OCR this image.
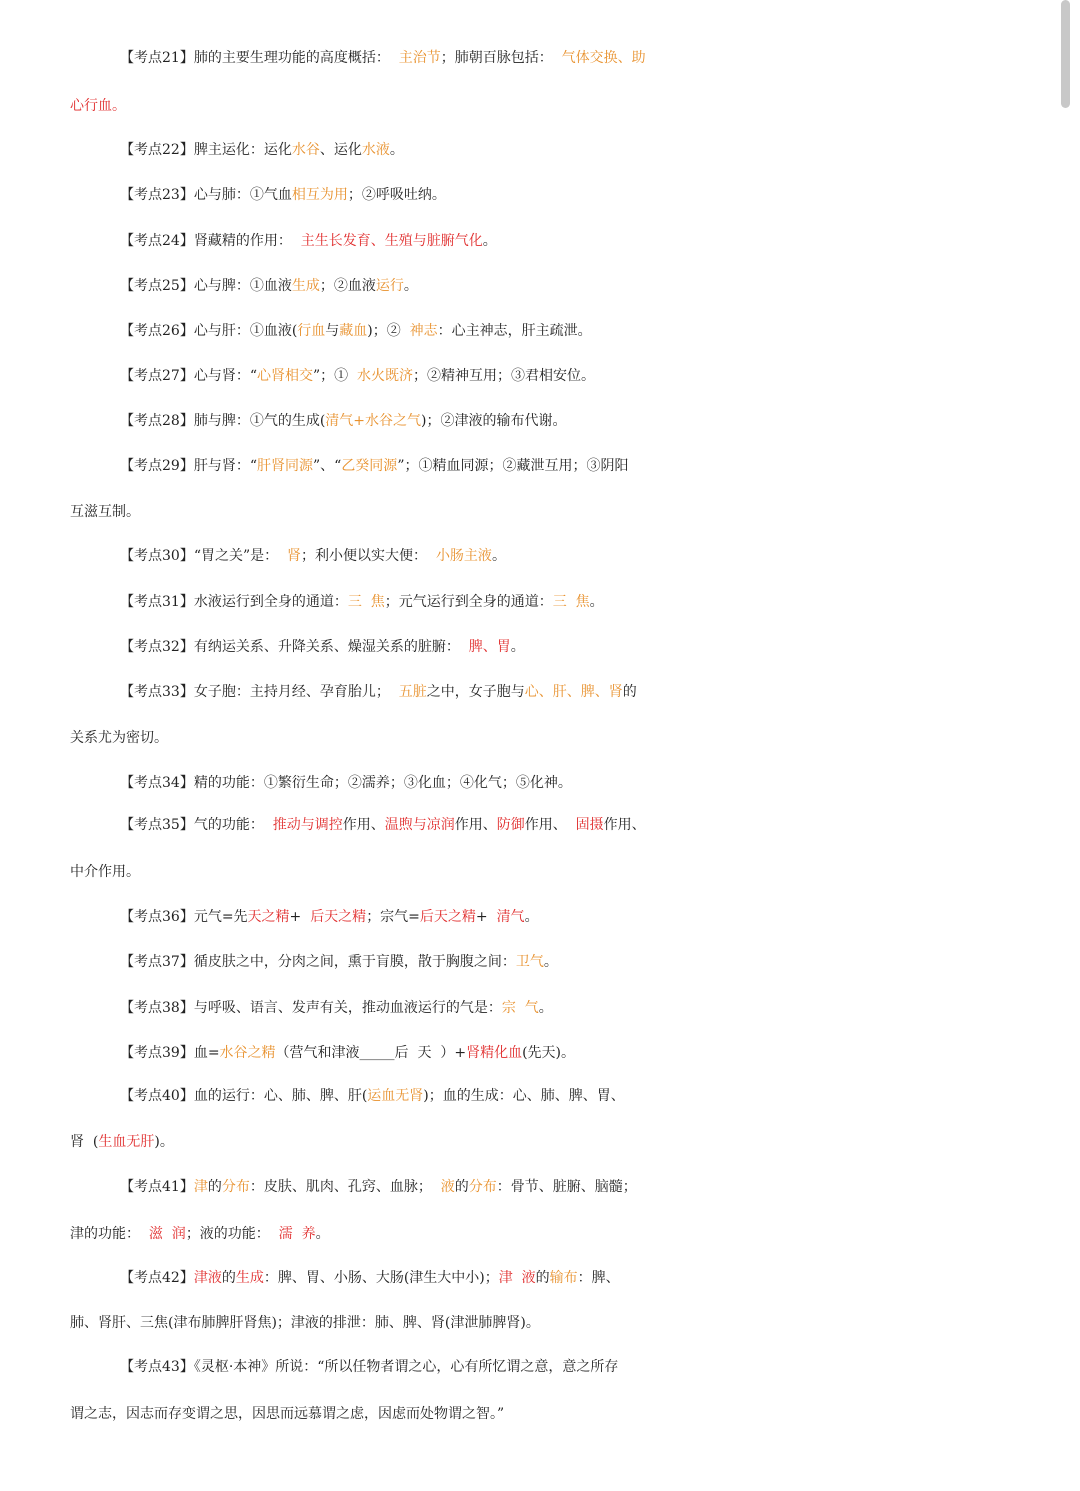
【考点21】肺的主要生理功能的高度概括：  主治节；肺朝百脉包括：  气体交换、助
心行血。
【考点22】脾主运化：运化水谷、运化水液。
【考点23】心与肺：①气血相互为用；②呼吸吐纳。
【考点24】肾藏精的作用：  主生长发育、生殖与脏腑气化。
【考点25】心与脾：①血液生成；②血液运行。
【考点26】心与肝：①血液(行血与藏血)；②  神志：心主神志，肝主疏泄。
【考点27】心与肾：“心肾相交”；①  水火既济；②精神互用；③君相安位。
【考点28】肺与脾：①气的生成(清气+水谷之气)；②津液的输布代谢。
【考点29】肝与肾：“肝肾同源”、“乙癸同源”；①精血同源；②藏泄互用；③阴阳
互滋互制。
【考点30】“胃之关”是：  肾；利小便以实大便：  小肠主液。
【考点31】水液运行到全身的通道：三  焦；元气运行到全身的通道：三  焦。
【考点32】有纳运关系、升降关系、燥湿关系的脏腑：  脾、胃。
【考点33】女子胞：主持月经、孕育胎儿；  五脏之中，女子胞与心、肝、脾、肾的
关系尤为密切。
【考点34】精的功能：①繁衍生命；②濡养；③化血；④化气；⑤化神。
【考点35】气的功能：  推动与调控作用、温煦与凉润作用、防御作用、  固摄作用、
中介作用。
【考点36】元气=先天之精+  后天之精；宗气=后天之精+  清气。
【考点37】循皮肤之中，分肉之间，熏于肓膜，散于胸腹之间：卫气。
【考点38】与呼吸、语言、发声有关，推动血液运行的气是：宗  气。
【考点39】血=水谷之精（营气和津液_____后  天  ）+肾精化血(先天)。
【考点40】血的运行：心、肺、脾、肝(运血无肾)；血的生成：心、肺、脾、胃、
肾  (生血无肝)。
【考点41】津的分布：皮肤、肌肉、孔窍、血脉；  液的分布：骨节、脏腑、脑髓；
津的功能：  滋  润；液的功能：  濡  养。
【考点42】津液的生成：脾、胃、小肠、大肠(津生大中小)；津  液的输布：脾、
肺、肾肝、三焦(津布肺脾肝肾焦)；津液的排泄：肺、脾、肾(津泄肺脾肾)。
【考点43】《灵枢·本神》所说：“所以任物者谓之心，心有所忆谓之意，意之所存
谓之志，因志而存变谓之思，因思而远慕谓之虑，因虑而处物谓之智。”
